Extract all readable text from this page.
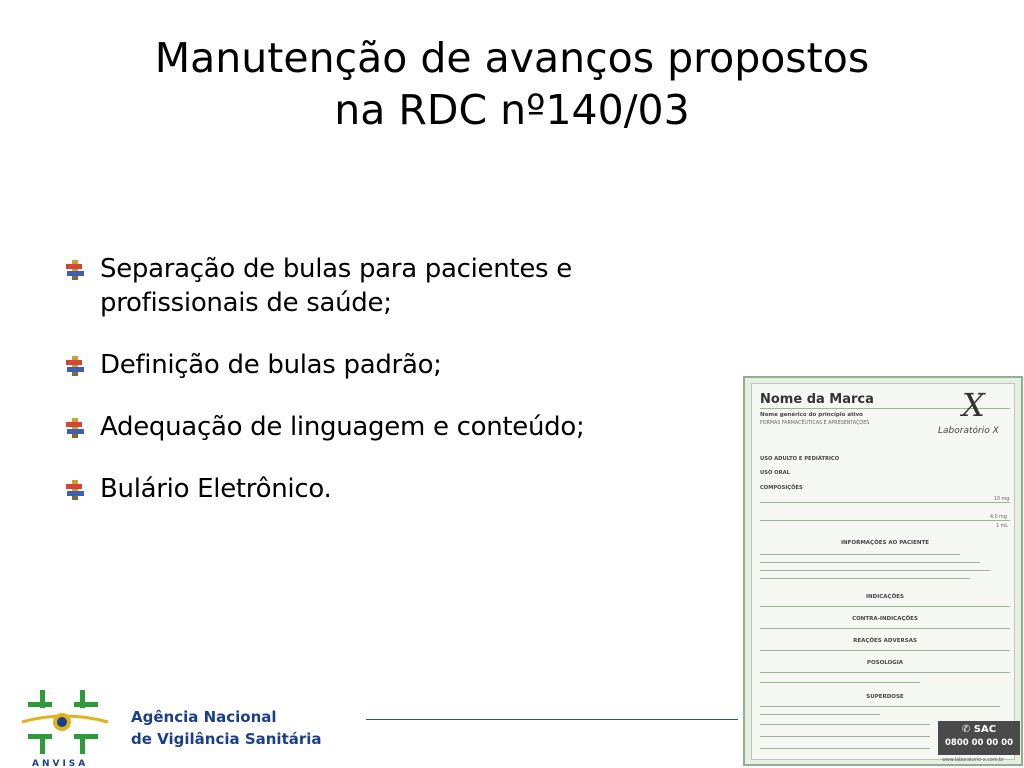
Manutenção de avanços propostos
na RDC nº140/03
Separação de bulas para pacientes e
profissionais de saúde;
Definição de bulas padrão;
Adequação de linguagem e conteúdo;
Bulário Eletrônico.
ANVISA
Agência Nacional
de Vigilância Sanitária
Nome da Marca
Nome genérico do princípio ativo	X
Laboratório X
FORMAS FARMACÊUTICAS E APRESENTAÇÕES
USO ADULTO E PEDIÁTRICO
USO ORAL
COMPOSIÇÕES
10 mg
4,0 mg
1 mL
INFORMAÇÕES AO PACIENTE
INDICAÇÕES
CONTRA-INDICAÇÕES
REAÇÕES ADVERSAS
POSOLOGIA
SUPERDOSE
✆ SAC
0800 00 00 00
www.laboratorio-x.com.br
